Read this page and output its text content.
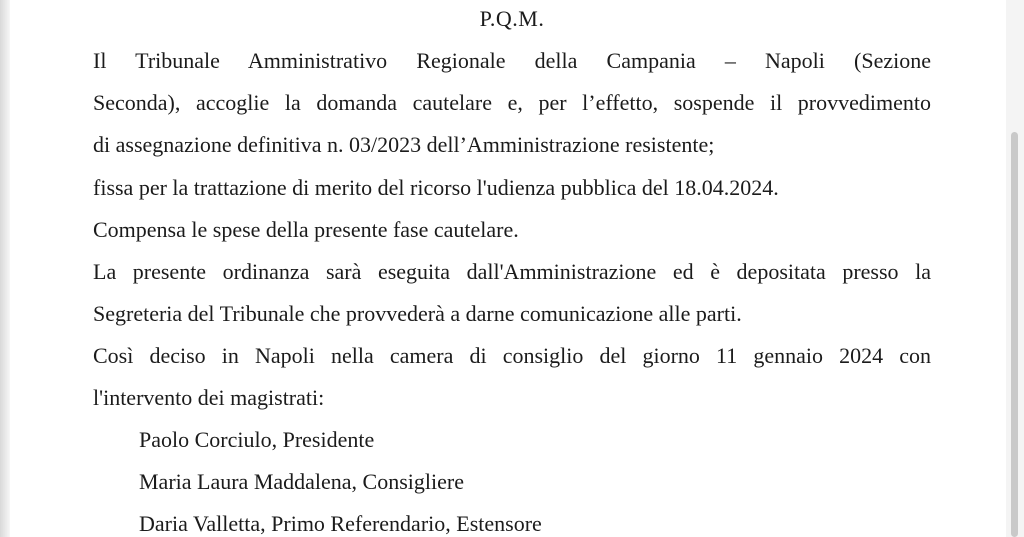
P.Q.M.
Il Tribunale Amministrativo Regionale della Campania – Napoli (Sezione
Seconda), accoglie la domanda cautelare e, per l’effetto, sospende il provvedimento
di assegnazione definitiva n. 03/2023 dell’Amministrazione resistente;
fissa per la trattazione di merito del ricorso l'udienza pubblica del 18.04.2024.
Compensa le spese della presente fase cautelare.
La presente ordinanza sarà eseguita dall'Amministrazione ed è depositata presso la
Segreteria del Tribunale che provvederà a darne comunicazione alle parti.
Così deciso in Napoli nella camera di consiglio del giorno 11 gennaio 2024 con
l'intervento dei magistrati:
Paolo Corciulo, Presidente
Maria Laura Maddalena, Consigliere
Daria Valletta, Primo Referendario, Estensore
